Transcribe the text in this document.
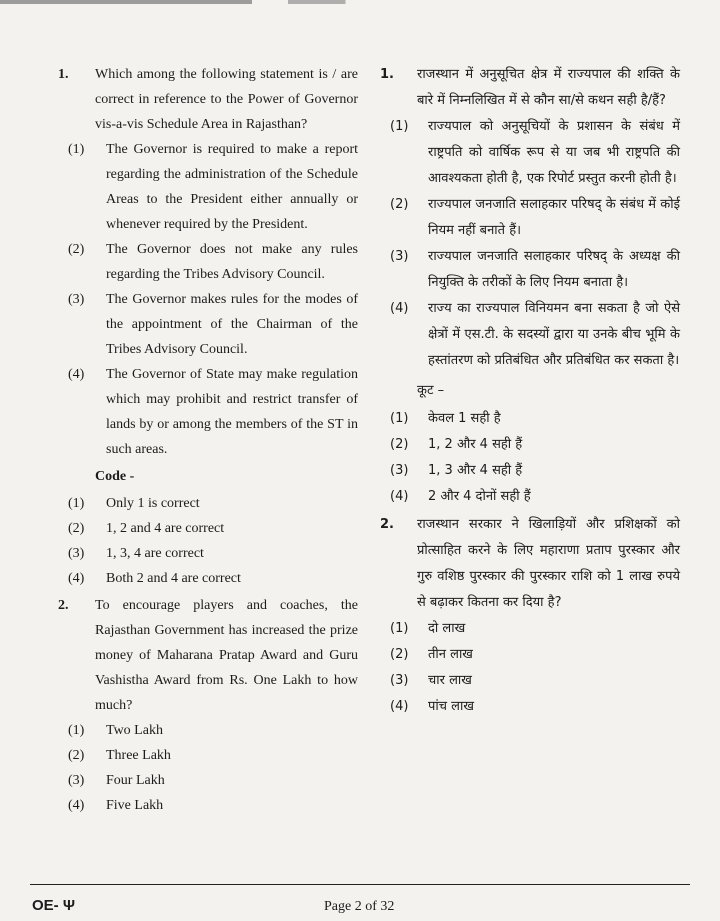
1. Which among the following statement is / are correct in reference to the Power of Governor vis-a-vis Schedule Area in Rajasthan?
(1) The Governor is required to make a report regarding the administration of the Schedule Areas to the President either annually or whenever required by the President.
(2) The Governor does not make any rules regarding the Tribes Advisory Council.
(3) The Governor makes rules for the modes of the appointment of the Chairman of the Tribes Advisory Council.
(4) The Governor of State may make regulation which may prohibit and restrict transfer of lands by or among the members of the ST in such areas.
Code -
(1) Only 1 is correct
(2) 1, 2 and 4 are correct
(3) 1, 3, 4 are correct
(4) Both 2 and 4 are correct
2. To encourage players and coaches, the Rajasthan Government has increased the prize money of Maharana Pratap Award and Guru Vashistha Award from Rs. One Lakh to how much?
(1) Two Lakh
(2) Three Lakh
(3) Four Lakh
(4) Five Lakh
1. राजस्थान में अनुसूचित क्षेत्र में राज्यपाल की शक्ति के बारे में निम्नलिखित में से कौन सा/से कथन सही है/हैं?
(1) राज्यपाल को अनुसूचियों के प्रशासन के संबंध में राष्ट्रपति को वार्षिक रूप से या जब भी राष्ट्रपति की आवश्यकता होती है, एक रिपोर्ट प्रस्तुत करनी होती है।
(2) राज्यपाल जनजाति सलाहकार परिषद् के संबंध में कोई नियम नहीं बनाते हैं।
(3) राज्यपाल जनजाति सलाहकार परिषद् के अध्यक्ष की नियुक्ति के तरीकों के लिए नियम बनाता है।
(4) राज्य का राज्यपाल विनियमन बना सकता है जो ऐसे क्षेत्रों में एस.टी. के सदस्यों द्वारा या उनके बीच भूमि के हस्तांतरण को प्रतिबंधित और प्रतिबंधित कर सकता है।
कूट –
(1) केवल 1 सही है
(2) 1, 2 और 4 सही हैं
(3) 1, 3 और 4 सही हैं
(4) 2 और 4 दोनों सही हैं
2. राजस्थान सरकार ने खिलाड़ियों और प्रशिक्षकों को प्रोत्साहित करने के लिए महाराणा प्रताप पुरस्कार और गुरु वशिष्ठ पुरस्कार की पुरस्कार राशि को 1 लाख रुपये से बढ़ाकर कितना कर दिया है?
(1) दो लाख
(2) तीन लाख
(3) चार लाख
(4) पांच लाख
OE- Ψ	Page 2 of 32
